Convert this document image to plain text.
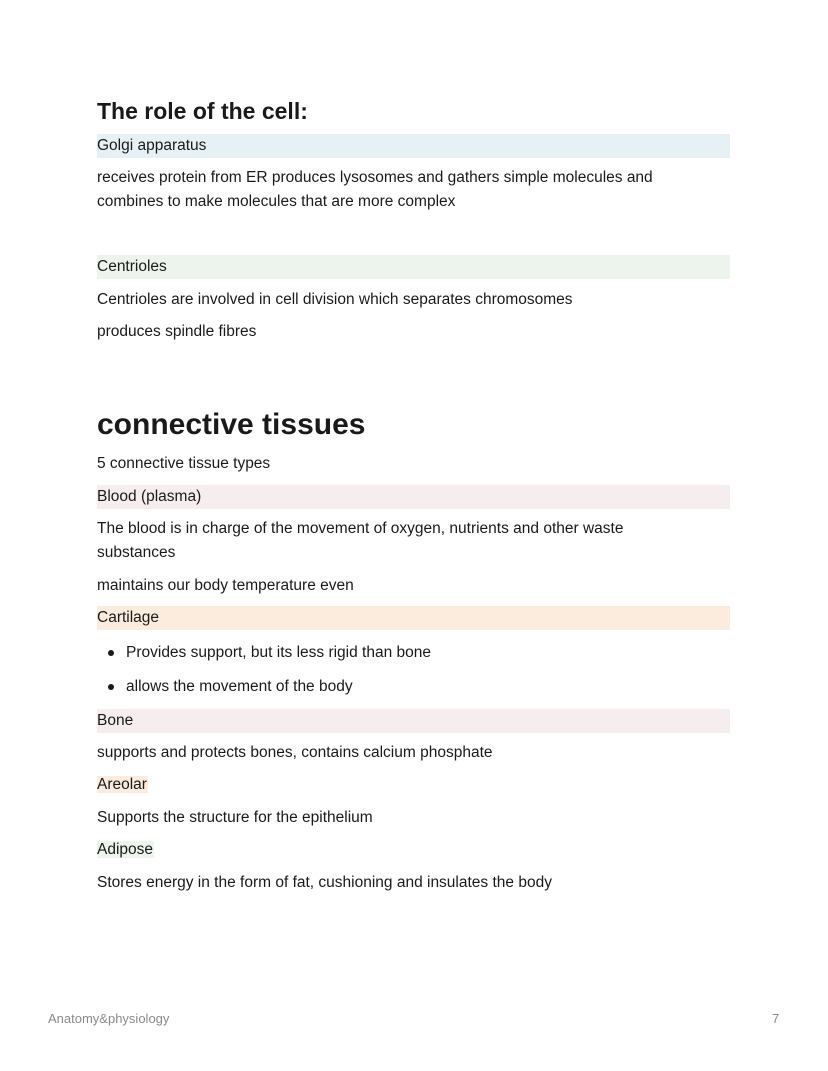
The role of the cell:
Golgi apparatus
receives protein from ER produces lysosomes and gathers simple molecules and
combines to make molecules that are more complex
Centrioles
Centrioles are involved in cell division which separates chromosomes
produces spindle fibres
connective tissues
5 connective tissue types
Blood (plasma)
The blood is in charge of the movement of oxygen, nutrients and other waste
substances
maintains our body temperature even
Cartilage
Provides support, but its less rigid than bone
allows the movement of the body
Bone
supports and protects bones, contains calcium phosphate
Areolar
Supports the structure for the epithelium
Adipose
Stores energy in the form of fat, cushioning and insulates the body
Anatomy&physiology	7
